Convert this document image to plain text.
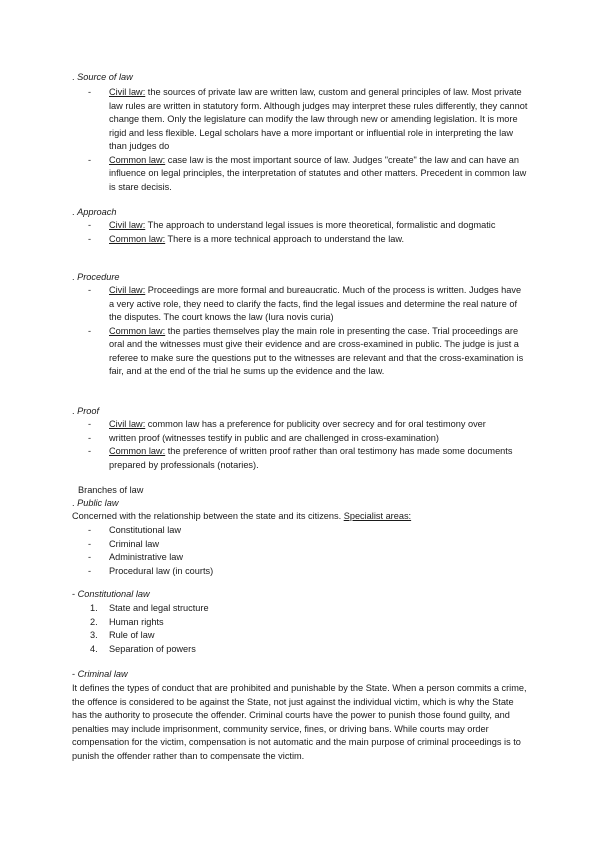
. Source of law
- Civil law: the sources of private law are written law, custom and general principles of law. Most private law rules are written in statutory form. Although judges may interpret these rules differently, they cannot change them. Only the legislature can modify the law through new or amending legislation. It is more rigid and less flexible. Legal scholars have a more important or influential role in interpreting the law than judges do
- Common law: case law is the most important source of law. Judges "create" the law and can have an influence on legal principles, the interpretation of statutes and other matters. Precedent in common law is stare decisis.
. Approach
- Civil law: The approach to understand legal issues is more theoretical, formalistic and dogmatic
- Common law: There is a more technical approach to understand the law.
. Procedure
- Civil law: Proceedings are more formal and bureaucratic. Much of the process is written. Judges have a very active role, they need to clarify the facts, find the legal issues and determine the real nature of the disputes. The court knows the law (Iura novis curia)
- Common law: the parties themselves play the main role in presenting the case. Trial proceedings are oral and the witnesses must give their evidence and are cross-examined in public. The judge is just a referee to make sure the questions put to the witnesses are relevant and that the cross-examination is fair, and at the end of the trial he sums up the evidence and the law.
. Proof
- Civil law: common law has a preference for publicity over secrecy and for oral testimony over
- written proof (witnesses testify in public and are challenged in cross-examination)
- Common law: the preference of written proof rather than oral testimony has made some documents prepared by professionals (notaries).
Branches of law
. Public law
Concerned with the relationship between the state and its citizens. Specialist areas:
- Constitutional law
- Criminal law
- Administrative law
- Procedural law (in courts)
- Constitutional law
1. State and legal structure
2. Human rights
3. Rule of law
4. Separation of powers
- Criminal law
It defines the types of conduct that are prohibited and punishable by the State. When a person commits a crime, the offence is considered to be against the State, not just against the individual victim, which is why the State has the authority to prosecute the offender. Criminal courts have the power to punish those found guilty, and penalties may include imprisonment, community service, fines, or driving bans. While courts may order compensation for the victim, compensation is not automatic and the main purpose of criminal proceedings is to punish the offender rather than to compensate the victim.
